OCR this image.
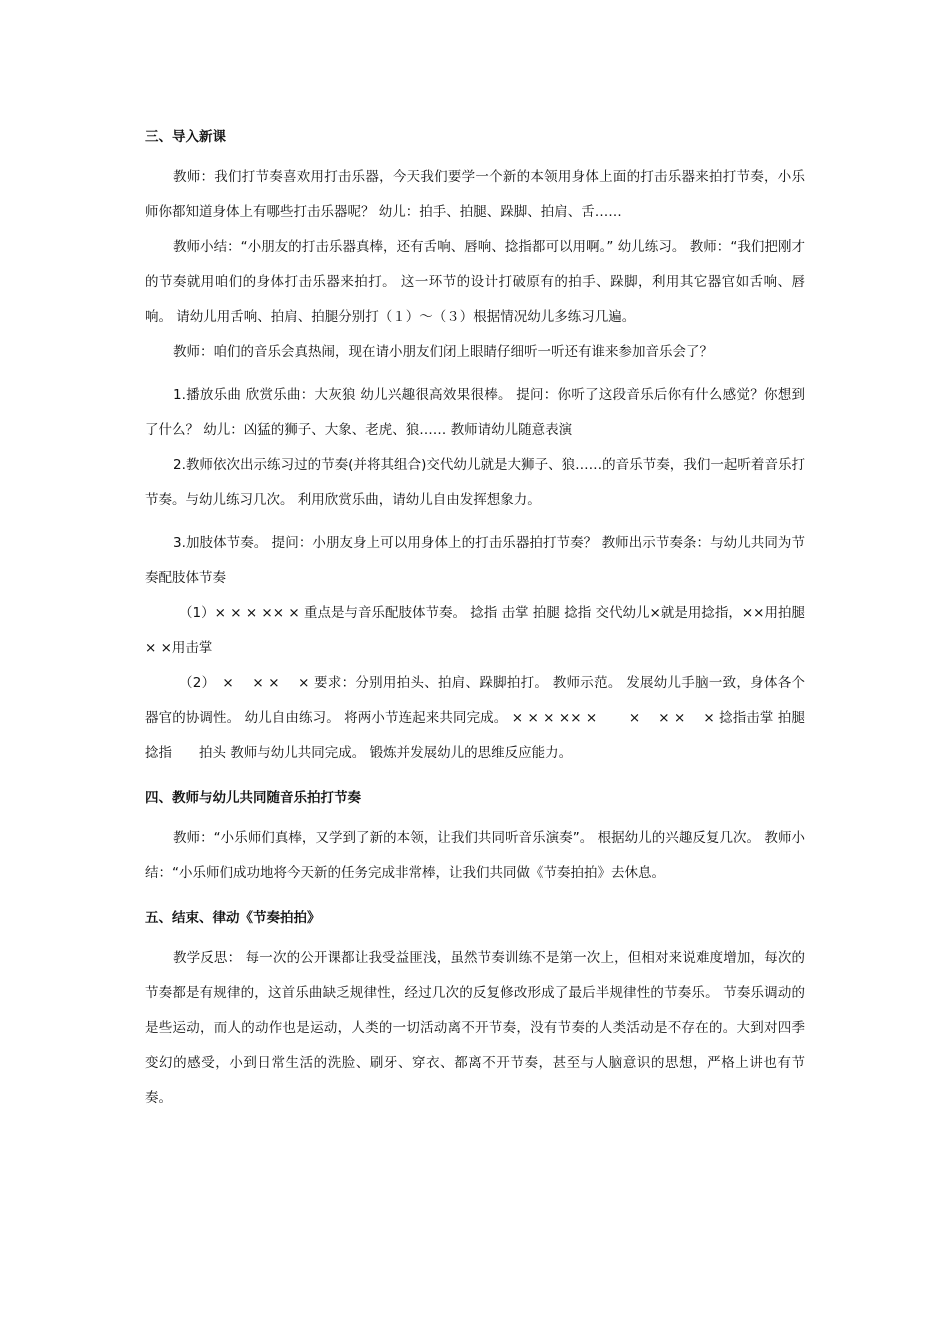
三、导入新课

教师：我们打节奏喜欢用打击乐器，今天我们要学一个新的本领用身体上面的打击乐器来拍打节奏，小乐师你都知道身体上有哪些打击乐器呢？ 幼儿：拍手、拍腿、跺脚、拍肩、舌……

教师小结：“小朋友的打击乐器真棒，还有舌响、唇响、捻指都可以用啊。” 幼儿练习。 教师：“我们把刚才的节奏就用咱们的身体打击乐器来拍打。 这一环节的设计打破原有的拍手、跺脚，利用其它器官如舌响、唇响。 请幼儿用舌响、拍肩、拍腿分别打（１）～（３）根据情况幼儿多练习几遍。

教师：咱们的音乐会真热闹，现在请小朋友们闭上眼睛仔细听一听还有谁来参加音乐会了？

1.播放乐曲 欣赏乐曲：大灰狼 幼儿兴趣很高效果很棒。 提问：你听了这段音乐后你有什么感觉？你想到了什么？ 幼儿：凶猛的狮子、大象、老虎、狼…… 教师请幼儿随意表演

2.教师依次出示练习过的节奏(并将其组合)交代幼儿就是大狮子、狼……的音乐节奏，我们一起听着音乐打节奏。与幼儿练习几次。 利用欣赏乐曲，请幼儿自由发挥想象力。

3.加肢体节奏。 提问：小朋友身上可以用身体上的打击乐器拍打节奏？ 教师出示节奏条：与幼儿共同为节奏配肢体节奏

（1）× × × ×× × 重点是与音乐配肢体节奏。 捻指 击掌 拍腿 捻指 交代幼儿×就是用捻指，××用拍腿× ×用击掌

（2）　×　 × ×　 × 要求：分别用拍头、拍肩、跺脚拍打。 教师示范。 发展幼儿手脑一致，身体各个器官的协调性。 幼儿自由练习。 将两小节连起来共同完成。 × × × ×× ×　　 ×　 × ×　 × 捻指击掌 拍腿 捻指　　拍头 教师与幼儿共同完成。 锻炼并发展幼儿的思维反应能力。

四、教师与幼儿共同随音乐拍打节奏

教师：“小乐师们真棒，又学到了新的本领，让我们共同听音乐演奏”。 根据幼儿的兴趣反复几次。 教师小结：“小乐师们成功地将今天新的任务完成非常棒，让我们共同做《节奏拍拍》去休息。

五、结束、律动《节奏拍拍》

教学反思： 每一次的公开课都让我受益匪浅，虽然节奏训练不是第一次上，但相对来说难度增加，每次的节奏都是有规律的，这首乐曲缺乏规律性，经过几次的反复修改形成了最后半规律性的节奏乐。 节奏乐调动的是些运动，而人的动作也是运动，人类的一切活动离不开节奏，没有节奏的人类活动是不存在的。大到对四季变幻的感受，小到日常生活的洗脸、刷牙、穿衣、都离不开节奏，甚至与人脑意识的思想，严格上讲也有节奏。
